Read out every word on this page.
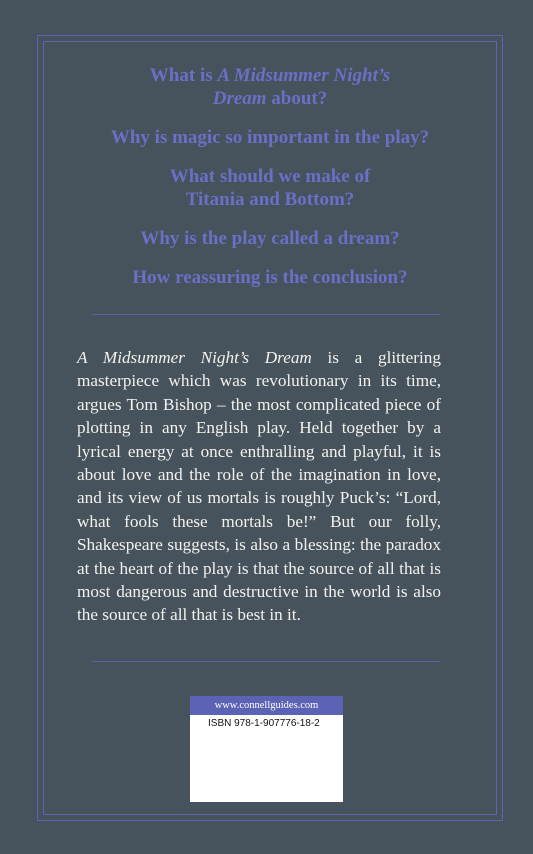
What is A Midsummer Night’s
Dream about?

Why is magic so important in the play?

What should we make of
Titania and Bottom?

Why is the play called a dream?

How reassuring is the conclusion?

A Midsummer Night’s Dream is a glittering masterpiece which was revolutionary in its time, argues Tom Bishop – the most complicated piece of plotting in any English play. Held together by a lyrical energy at once enthralling and playful, it is about love and the role of the imagination in love, and its view of us mortals is roughly Puck’s: “Lord, what fools these mortals be!” But our folly, Shakespeare suggests, is also a blessing: the paradox at the heart of the play is that the source of all that is most dangerous and destructive in the world is also the source of all that is best in it.

www.connellguides.com
ISBN 978-1-907776-18-2
